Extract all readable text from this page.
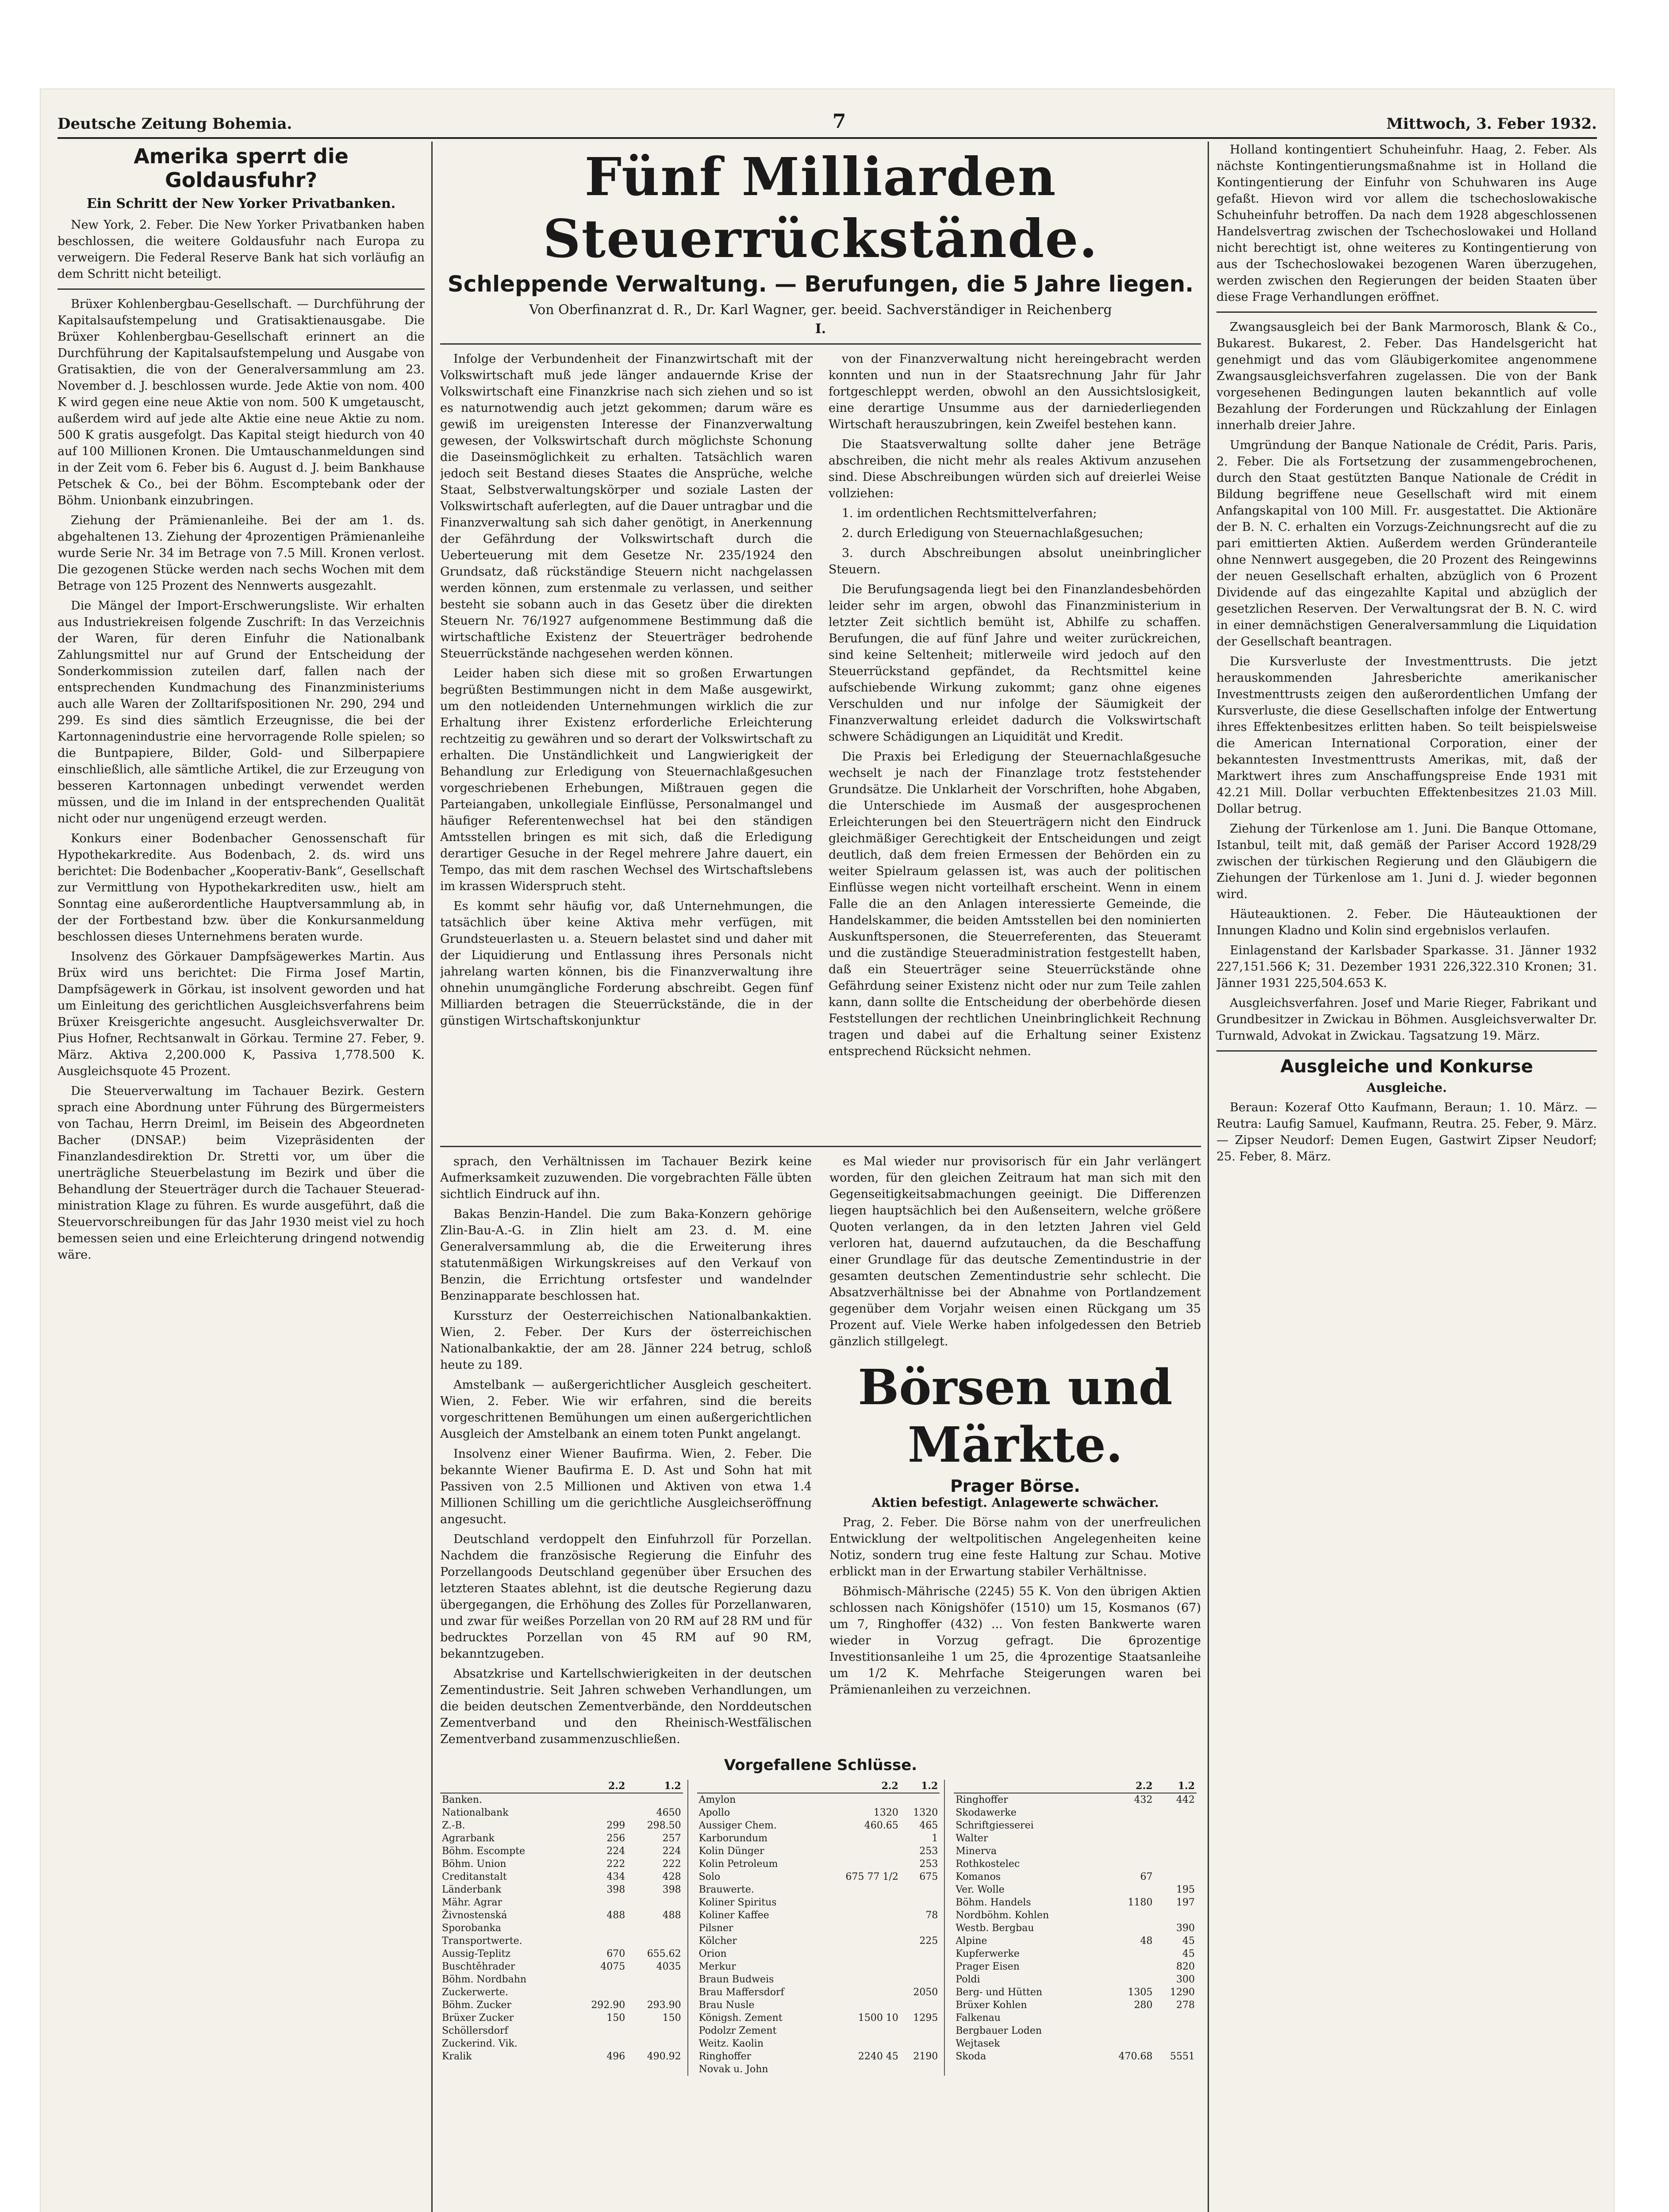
Deutsche Zeitung Bohemia.	7	Mittwoch, 3. Feber 1932.
Amerika sperrt die Goldausfuhr?
Ein Schritt der New Yorker Privatbanken.

New York, 2. Feber. Die New Yorker Privatbanken haben beschlossen, die weitere Goldausfuhr nach Europa zu verweigern. Die Federal Reserve Bank hat sich vorläufig an dem Schritt nicht beteiligt.

Brüxer Kohlenbergbau-Gesellschaft. — Durchführung der Kapitalsaufstempelung und Gratisaktienausgabe. Die Brüxer Kohlenbergbau-Gesellschaft erinnert an die Durchführung der Kapitalsaufstempelung und Ausgabe von Gratisaktien, die von der Generalversammlung am 23. November d. J. beschlossen wurde. Jede Aktie von nom. 400 K wird gegen eine neue Aktie von nom. 500 K umgetauscht, außerdem wird auf jede alte Aktie eine neue Aktie zu nom. 500 K gratis ausgefolgt. Das Kapital steigt hiedurch von 40 auf 100 Millionen Kronen. Die Umtauschanmeldungen sind in der Zeit vom 6. Feber bis 6. August d. J. beim Bankhause Petschek & Co., bei der Böhm. Escomptebank oder der Böhm. Unionbank einzubringen.

Ziehung der Prämienanleihe. Bei der am 1. ds. abgehaltenen 13. Ziehung der 4prozentigen Prämienanleihe wurde Serie Nr. 34 im Betrage von 7.5 Mill. Kronen verlost. Die gezogenen Stücke werden nach sechs Wochen mit dem Betrage von 125 Prozent des Nennwerts ausgezahlt.

Die Mängel der Import-Erschwerungsliste. Wir erhalten aus Industriekreisen folgende Zuschrift: In das Verzeichnis der Waren, für deren Einfuhr die Nationalbank Zahlungsmittel nur auf Grund der Entscheidung der Sonderkommission zuteilen darf, fallen nach der entsprechenden Kundmachung des Finanzministeriums auch alle Waren der Zolltarifspositionen Nr. 290, 294 und 299. Es sind dies sämtlich Erzeugnisse, die bei der Kartonnagenindustrie eine hervorragende Rolle spielen; so die Buntpapiere, Bilder, Gold- und Silberpapiere einschließlich, alle sämtliche Artikel, die zur Erzeugung von besseren Kartonnagen unbedingt verwendet werden müssen, und die im Inland in der entsprechenden Qualität nicht oder nur ungenügend erzeugt werden.

Konkurs einer Bodenbacher Genossenschaft für Hypothekarkredite. Aus Bodenbach, 2. ds. wird uns berichtet: Die Bodenbacher „Kooperativ-Bank“, Gesellschaft zur Vermittlung von Hypothekarkrediten usw., hielt am Sonntag eine außerordentliche Hauptversammlung ab, in der der Fortbestand bzw. über die Konkursanmeldung beschlossen dieses Unternehmens beraten wurde.

Insolvenz des Görkauer Dampfsägewerkes Martin. Aus Brüx wird uns berichtet: Die Firma Josef Martin, Dampfsägewerk in Görkau, ist insolvent geworden und hat um Einleitung des gerichtlichen Ausgleichsverfahrens beim Brüxer Kreisgerichte angesucht. Ausgleichsverwalter Dr. Pius Hofner, Rechtsanwalt in Görkau. Termine 27. Feber, 9. März. Aktiva 2,200.000 K, Passiva 1,778.500 K. Ausgleichsquote 45 Prozent.

Die Steuerverwaltung im Tachauer Bezirk. Gestern sprach eine Abordnung unter Führung des Bürgermeisters von Tachau, Herrn Dreiml, im Beisein des Abgeordneten Bacher (DNSAP.) beim Vizepräsidenten der Finanzlandesdirektion Dr. Stretti vor, um über die unerträgliche Steuerbelastung im Bezirk und über die Behandlung der Steuerträger durch die Tachauer Steueradministration Klage zu führen. Es wurde ausgeführt, daß die Steuervorschreibungen für das Jahr 1930 meist viel zu hoch bemessen seien und eine Erleichterung dringend notwendig wäre.

Fünf Milliarden Steuerrückstände.
Schleppende Verwaltung. — Berufungen, die 5 Jahre liegen.
Von Oberfinanzrat d. R., Dr. Karl Wagner, ger. beeid. Sachverständiger in Reichenberg
I.

Infolge der Verbundenheit der Finanzwirtschaft mit der Volkswirtschaft muß jede länger andauernde Krise der Volkswirtschaft eine Finanzkrise nach sich ziehen und so ist es naturnotwendig auch jetzt gekommen; darum wäre es gewiß im ureigensten Interesse der Finanzverwaltung gewesen, der Volkswirtschaft durch möglichste Schonung die Daseinsmöglichkeit zu erhalten. Tatsächlich waren jedoch seit Bestand dieses Staates die Ansprüche, welche Staat, Selbstverwaltungskörper und soziale Lasten der Volkswirtschaft auferlegten, auf die Dauer untragbar und die Finanzverwaltung sah sich daher genötigt, in Anerkennung der Gefährdung der Volkswirtschaft durch die Ueberteuerung mit dem Gesetze Nr. 235/1924 den Grundsatz, daß rückständige Steuern nicht nachgelassen werden können, zum erstenmale zu verlassen, und seither besteht sie sobann auch in das Gesetz über die direkten Steuern Nr. 76/1927 aufgenommene Bestimmung daß die wirtschaftliche Existenz der Steuerträger bedrohende Steuerrückstände nachgesehen werden können.

Leider haben sich diese mit so großen Erwartungen begrüßten Bestimmungen nicht in dem Maße ausgewirkt, um den notleidenden Unternehmungen wirklich die zur Erhaltung ihrer Existenz erforderliche Erleichterung rechtzeitig zu gewähren und so derart der Volkswirtschaft zu erhalten. Die Unständlichkeit und Langwierigkeit der Behandlung zur Erledigung von Steuernachlaßgesuchen vorgeschriebenen Erhebungen, Mißtrauen gegen die Parteiangaben, unkollegiale Einflüsse, Personalmangel und häufiger Referentenwechsel hat bei den ständigen Amtsstellen bringen es mit sich, daß die Erledigung derartiger Gesuche in der Regel mehrere Jahre dauert, ein Tempo, das mit dem raschen Wechsel des Wirtschaftslebens im krassen Widerspruch steht.

Es kommt sehr häufig vor, daß Unternehmungen, die tatsächlich über keine Aktiva mehr verfügen, mit Grundsteuerlasten u. a. Steuern belastet sind und daher mit der Liquidierung und Entlassung ihres Personals nicht jahrelang warten können, bis die Finanzverwaltung ihre ohnehin unumgängliche Forderung abschreibt. Gegen fünf Milliarden betragen die Steuerrückstände, die in der günstigen Wirtschaftskonjunktur

von der Finanzverwaltung nicht hereingebracht werden konnten und nun in der Staatsrechnung Jahr für Jahr fortgeschleppt werden, obwohl an den Aussichtslosigkeit, eine derartige Unsumme aus der darniederliegenden Wirtschaft herauszubringen, kein Zweifel bestehen kann.

Die Staatsverwaltung sollte daher jene Beträge abschreiben, die nicht mehr als reales Aktivum anzusehen sind. Diese Abschreibungen würden sich auf dreierlei Weise vollziehen:

1. im ordentlichen Rechtsmittelverfahren;

2. durch Erledigung von Steuernachlaßgesuchen;

3. durch Abschreibungen absolut uneinbringlicher Steuern.

Die Berufungsagenda liegt bei den Finanzlandesbehörden leider sehr im argen, obwohl das Finanzministerium in letzter Zeit sichtlich bemüht ist, Abhilfe zu schaffen. Berufungen, die auf fünf Jahre und weiter zurückreichen, sind keine Seltenheit; mitlerweile wird jedoch auf den Steuerrückstand gepfändet, da Rechtsmittel keine aufschiebende Wirkung zukommt; ganz ohne eigenes Verschulden und nur infolge der Säumigkeit der Finanzverwaltung erleidet dadurch die Volkswirtschaft schwere Schädigungen an Liquidität und Kredit.

Die Praxis bei Erledigung der Steuernachlaßgesuche wechselt je nach der Finanzlage trotz feststehender Grundsätze. Die Unklarheit der Vorschriften, hohe Abgaben, die Unterschiede im Ausmaß der ausgesprochenen Erleichterungen bei den Steuerträgern nicht den Eindruck gleichmäßiger Gerechtigkeit der Entscheidungen und zeigt deutlich, daß dem freien Ermessen der Behörden ein zu weiter Spielraum gelassen ist, was auch der politischen Einflüsse wegen nicht vorteilhaft erscheint. Wenn in einem Falle die an den Anlagen interessierte Gemeinde, die Handelskammer, die beiden Amtsstellen bei den nominierten Auskunftspersonen, die Steuerreferenten, das Steueramt und die zuständige Steueradministration festgestellt haben, daß ein Steuerträger seine Steuerrückstände ohne Gefährdung seiner Existenz nicht oder nur zum Teile zahlen kann, dann sollte die Entscheidung der oberbehörde diesen Feststellungen der rechtlichen Uneinbringlichkeit Rechnung tragen und dabei auf die Erhaltung seiner Existenz entsprechend Rücksicht nehmen.

sprach, den Verhältnissen im Tachauer Bezirk keine Aufmerksamkeit zuzuwenden. Die vorgebrachten Fälle übten sichtlich Eindruck auf ihn.

Bakas Benzin-Handel. Die zum Baka-Konzern gehörige Zlin-Bau-A.-G. in Zlin hielt am 23. d. M. eine Generalversammlung ab, die die Erweiterung ihres statutenmäßigen Wirkungskreises auf den Verkauf von Benzin, die Errichtung ortsfester und wandelnder Benzinapparate beschlossen hat.

Kurssturz der Oesterreichischen Nationalbankaktien. Wien, 2. Feber. Der Kurs der österreichischen Nationalbankaktie, der am 28. Jänner 224 betrug, schloß heute zu 189.

Amstelbank — außergerichtlicher Ausgleich gescheitert. Wien, 2. Feber. Wie wir erfahren, sind die bereits vorgeschrittenen Bemühungen um einen außergerichtlichen Ausgleich der Amstelbank an einem toten Punkt angelangt.

Insolvenz einer Wiener Baufirma. Wien, 2. Feber. Die bekannte Wiener Baufirma E. D. Ast und Sohn hat mit Passiven von 2.5 Millionen und Aktiven von etwa 1.4 Millionen Schilling um die gerichtliche Ausgleichseröffnung angesucht.

Deutschland verdoppelt den Einfuhrzoll für Porzellan. Nachdem die französische Regierung die Einfuhr des Porzellangoods Deutschland gegenüber über Ersuchen des letzteren Staates ablehnt, ist die deutsche Regierung dazu übergegangen, die Erhöhung des Zolles für Porzellanwaren, und zwar für weißes Porzellan von 20 RM auf 28 RM und für bedrucktes Porzellan von 45 RM auf 90 RM, bekanntzugeben.

Absatzkrise und Kartellschwierigkeiten in der deutschen Zementindustrie. Seit Jahren schweben Verhandlungen, um die beiden deutschen Zementverbände, den Norddeutschen Zementverband und den Rheinisch-Westfälischen Zementverband zusammenzuschließen.

es Mal wieder nur provisorisch für ein Jahr verlängert worden, für den gleichen Zeitraum hat man sich mit den Gegenseitigkeitsabmachungen geeinigt. Die Differenzen liegen hauptsächlich bei den Außenseitern, welche größere Quoten verlangen, da in den letzten Jahren viel Geld verloren hat, dauernd aufzutauchen, da die Beschaffung einer Grundlage für das deutsche Zementindustrie in der gesamten deutschen Zementindustrie sehr schlecht. Die Absatzverhältnisse bei der Abnahme von Portlandzement gegenüber dem Vorjahr weisen einen Rückgang um 35 Prozent auf. Viele Werke haben infolgedessen den Betrieb gänzlich stillgelegt.

Börsen und Märkte.
Prager Börse.
Aktien befestigt. Anlagewerte schwächer.

Prag, 2. Feber. Die Börse nahm von der unerfreulichen Entwicklung der weltpolitischen Angelegenheiten keine Notiz, sondern trug eine feste Haltung zur Schau. Motive erblickt man in der Erwartung stabiler Verhältnisse.

Böhmisch-Mährische (2245) 55 K. Von den übrigen Aktien schlossen nach Königshöfer (1510) um 15, Kosmanos (67) um 7, Ringhoffer (432) ... Von festen Bankwerte waren wieder in Vorzug gefragt. Die 6prozentige Investitionsanleihe 1 um 25, die 4prozentige Staatsanleihe um 1/2 K. Mehrfache Steigerungen waren bei Prämienanleihen zu verzeichnen.

Vorgefallene Schlüsse.
	2.2	1.2
Banken.		
Nationalbank		4650
Z.-B.	299	298.50
Agrarbank	256	257
Böhm. Escompte	224	224
Böhm. Union	222	222
Creditanstalt	434	428
Länderbank	398	398
Mähr. Agrar		
Živnostenská	488	488
Sporobanka		
Transportwerte.		
Aussig-Teplitz	670	655.62
Buschtěhrader	4075	4035
Böhm. Nordbahn		
Zuckerwerte.		
Böhm. Zucker	292.90	293.90
Brüxer Zucker	150	150
Schöllersdorf		
Zuckerind. Vik.		
Kralik	496	490.92
	2.2	1.2
Amylon		
Apollo	1320	1320
Aussiger Chem.	460.65	465
Karborundum		1
Kolin Dünger		253
Kolin Petroleum		253
Solo	675 77 1/2	675
Brauwerte.		
Koliner Spiritus		
Koliner Kaffee		78
Pilsner		
Kölcher		225
Orion		
Merkur		
Braun Budweis		
Brau Maffersdorf		2050
Brau Nusle		
Königsh. Zement	1500 10	1295
Podolzr Zement		
Weitz. Kaolin		
Ringhoffer	2240 45	2190
Novak u. John		
	2.2	1.2
Ringhoffer	432	442
Skodawerke		
Schriftgiesserei		
Walter		
Minerva		
Rothkostelec		
Komanos	67	
Ver. Wolle		195
Böhm. Handels	1180	197
Nordböhm. Kohlen		
Westb. Bergbau		390
Alpine	48	45
Kupferwerke		45
Prager Eisen		820
Poldi		300
Berg- und Hütten	1305	1290
Brüxer Kohlen	280	278
Falkenau		
Bergbauer Loden		
Wejtasek		
Skoda	470.68	5551

Holland kontingentiert Schuheinfuhr. Haag, 2. Feber. Als nächste Kontingentierungsmaßnahme ist in Holland die Kontingentierung der Einfuhr von Schuhwaren ins Auge gefaßt. Hievon wird vor allem die tschechoslowakische Schuheinfuhr betroffen. Da nach dem 1928 abgeschlossenen Handelsvertrag zwischen der Tschechoslowakei und Holland nicht berechtigt ist, ohne weiteres zu Kontingentierung von aus der Tschechoslowakei bezogenen Waren überzugehen, werden zwischen den Regierungen der beiden Staaten über diese Frage Verhandlungen eröffnet.

Zwangsausgleich bei der Bank Marmorosch, Blank & Co., Bukarest. Bukarest, 2. Feber. Das Handelsgericht hat genehmigt und das vom Gläubigerkomitee angenommene Zwangsausgleichsverfahren zugelassen. Die von der Bank vorgesehenen Bedingungen lauten bekanntlich auf volle Bezahlung der Forderungen und Rückzahlung der Einlagen innerhalb dreier Jahre.

Umgründung der Banque Nationale de Crédit, Paris. Paris, 2. Feber. Die als Fortsetzung der zusammengebrochenen, durch den Staat gestützten Banque Nationale de Crédit in Bildung begriffene neue Gesellschaft wird mit einem Anfangskapital von 100 Mill. Fr. ausgestattet. Die Aktionäre der B. N. C. erhalten ein Vorzugs-Zeichnungsrecht auf die zu pari emittierten Aktien. Außerdem werden Gründeranteile ohne Nennwert ausgegeben, die 20 Prozent des Reingewinns der neuen Gesellschaft erhalten, abzüglich von 6 Prozent Dividende auf das eingezahlte Kapital und abzüglich der gesetzlichen Reserven. Der Verwaltungsrat der B. N. C. wird in einer demnächstigen Generalversammlung die Liquidation der Gesellschaft beantragen.

Die Kursverluste der Investmenttrusts. Die jetzt herauskommenden Jahresberichte amerikanischer Investmenttrusts zeigen den außerordentlichen Umfang der Kursverluste, die diese Gesellschaften infolge der Entwertung ihres Effektenbesitzes erlitten haben. So teilt beispielsweise die American International Corporation, einer der bekanntesten Investmenttrusts Amerikas, mit, daß der Marktwert ihres zum Anschaffungspreise Ende 1931 mit 42.21 Mill. Dollar verbuchten Effektenbesitzes 21.03 Mill. Dollar betrug.

Ziehung der Türkenlose am 1. Juni. Die Banque Ottomane, Istanbul, teilt mit, daß gemäß der Pariser Accord 1928/29 zwischen der türkischen Regierung und den Gläubigern die Ziehungen der Türkenlose am 1. Juni d. J. wieder begonnen wird.

Häuteauktionen. 2. Feber. Die Häuteauktionen der Innungen Kladno und Kolin sind ergebnislos verlaufen.

Einlagenstand der Karlsbader Sparkasse. 31. Jänner 1932 227,151.566 K; 31. Dezember 1931 226,322.310 Kronen; 31. Jänner 1931 225,504.653 K.

Ausgleichsverfahren. Josef und Marie Rieger, Fabrikant und Grundbesitzer in Zwickau in Böhmen. Ausgleichsverwalter Dr. Turnwald, Advokat in Zwickau. Tagsatzung 19. März.

Ausgleiche und Konkurse
Ausgleiche.

Beraun: Kozeraf Otto Kaufmann, Beraun; 1. 10. März. — Reutra: Laufig Samuel, Kaufmann, Reutra. 25. Feber, 9. März. — Zipser Neudorf: Demen Eugen, Gastwirt Zipser Neudorf; 25. Feber, 8. März.
